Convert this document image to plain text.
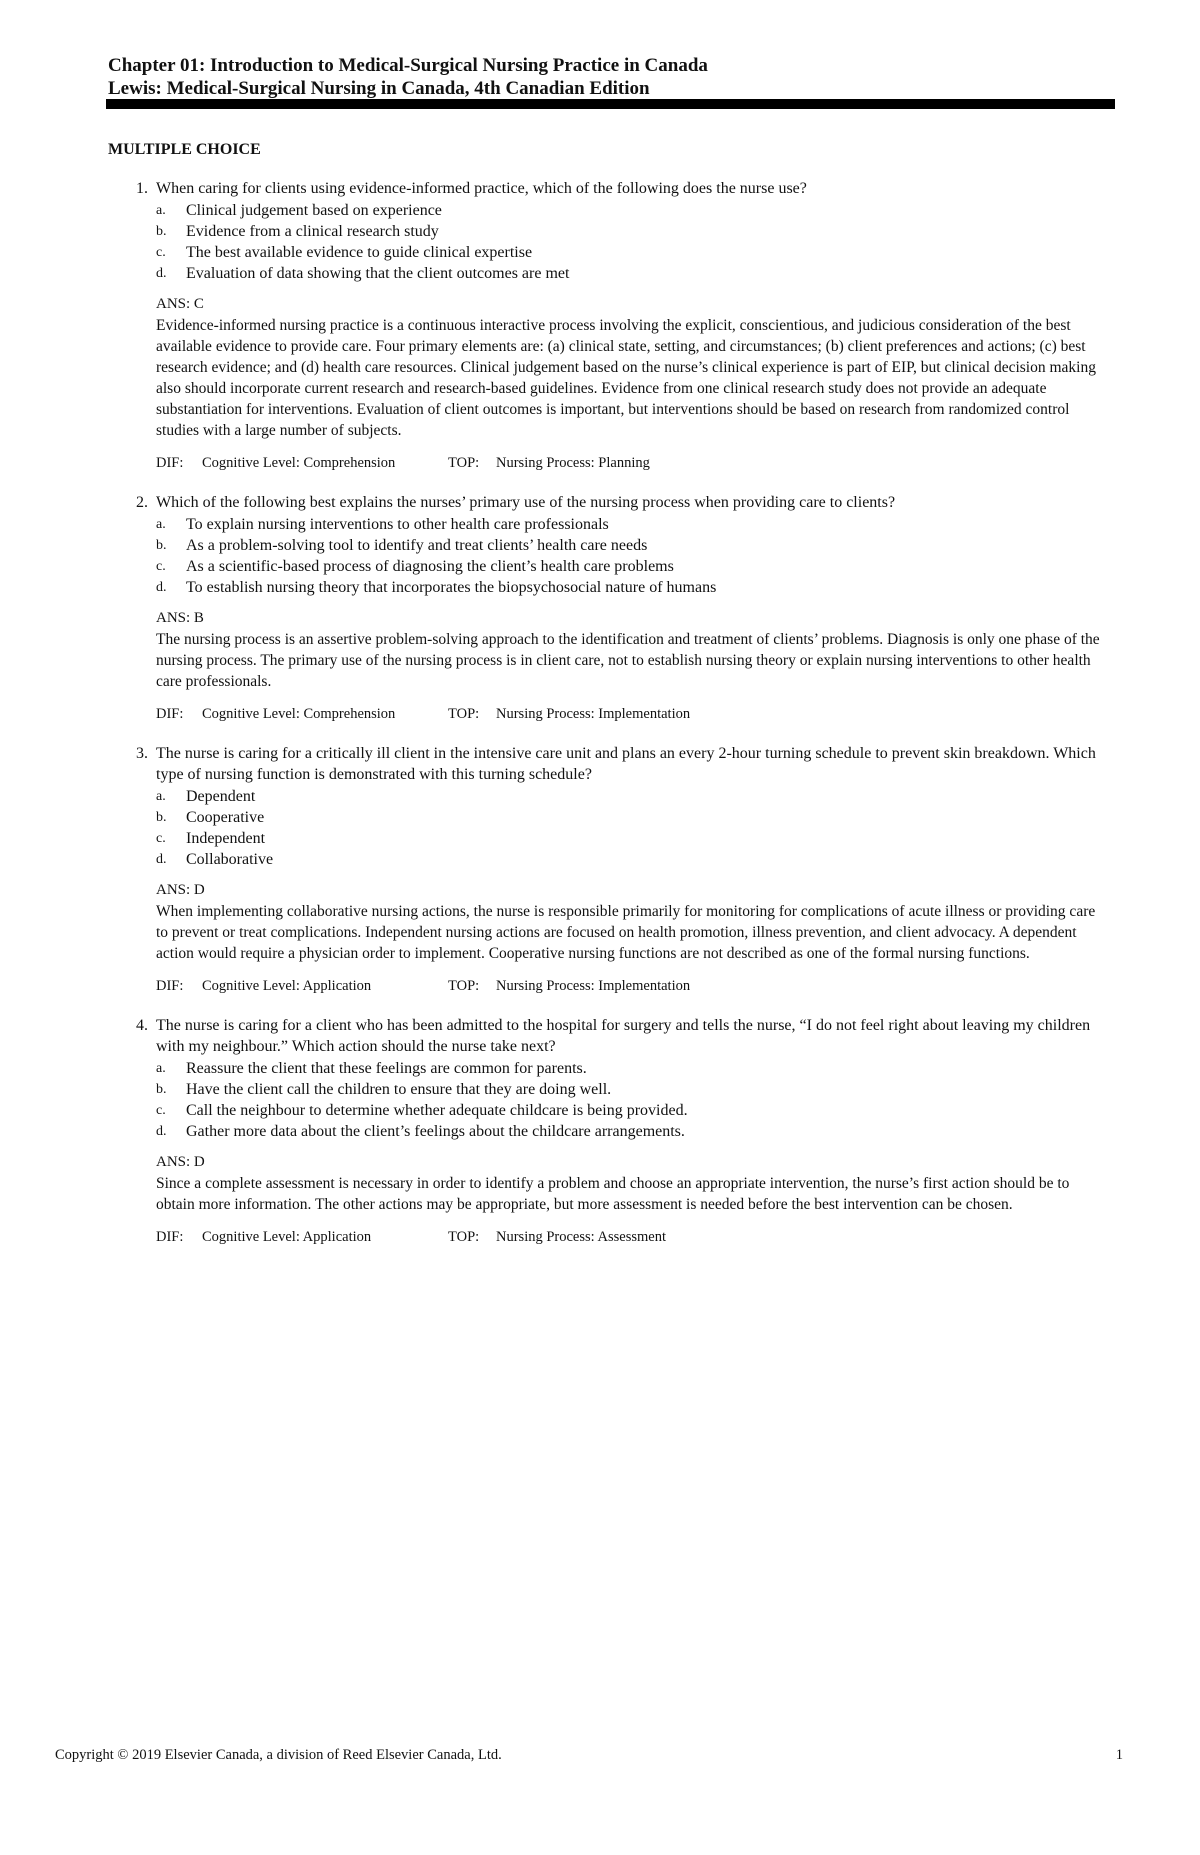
Chapter 01: Introduction to Medical-Surgical Nursing Practice in Canada

Lewis: Medical-Surgical Nursing in Canada, 4th Canadian Edition

MULTIPLE CHOICE
1. When caring for clients using evidence-informed practice, which of the following does the nurse use?
a.	Clinical judgement based on experience
b.	Evidence from a clinical research study
c.	The best available evidence to guide clinical expertise
d.	Evaluation of data showing that the client outcomes are met
ANS: C
Evidence-informed nursing practice is a continuous interactive process involving the explicit, conscientious, and judicious consideration of the best available evidence to provide care. Four primary elements are: (a) clinical state, setting, and circumstances; (b) client preferences and actions; (c) best research evidence; and (d) health care resources. Clinical judgement based on the nurse’s clinical experience is part of EIP, but clinical decision making also should incorporate current research and research-based guidelines. Evidence from one clinical research study does not provide an adequate substantiation for interventions. Evaluation of client outcomes is important, but interventions should be based on research from randomized control studies with a large number of subjects.
DIF:	Cognitive Level: Comprehension	TOP:	Nursing Process: Planning
2. Which of the following best explains the nurses’ primary use of the nursing process when providing care to clients?
a.	To explain nursing interventions to other health care professionals
b.	As a problem-solving tool to identify and treat clients’ health care needs
c.	As a scientific-based process of diagnosing the client’s health care problems
d.	To establish nursing theory that incorporates the biopsychosocial nature of humans
ANS: B
The nursing process is an assertive problem-solving approach to the identification and treatment of clients’ problems. Diagnosis is only one phase of the nursing process. The primary use of the nursing process is in client care, not to establish nursing theory or explain nursing interventions to other health care professionals.
DIF:	Cognitive Level: Comprehension	TOP:	Nursing Process: Implementation
3. The nurse is caring for a critically ill client in the intensive care unit and plans an every 2-hour turning schedule to prevent skin breakdown. Which type of nursing function is demonstrated with this turning schedule?
a.	Dependent
b.	Cooperative
c.	Independent
d.	Collaborative
ANS: D
When implementing collaborative nursing actions, the nurse is responsible primarily for monitoring for complications of acute illness or providing care to prevent or treat complications. Independent nursing actions are focused on health promotion, illness prevention, and client advocacy. A dependent action would require a physician order to implement. Cooperative nursing functions are not described as one of the formal nursing functions.
DIF:	Cognitive Level: Application	TOP:	Nursing Process: Implementation
4. The nurse is caring for a client who has been admitted to the hospital for surgery and tells the nurse, “I do not feel right about leaving my children with my neighbour.” Which action should the nurse take next?
a.	Reassure the client that these feelings are common for parents.
b.	Have the client call the children to ensure that they are doing well.
c.	Call the neighbour to determine whether adequate childcare is being provided.
d.	Gather more data about the client’s feelings about the childcare arrangements.
ANS: D
Since a complete assessment is necessary in order to identify a problem and choose an appropriate intervention, the nurse’s first action should be to obtain more information. The other actions may be appropriate, but more assessment is needed before the best intervention can be chosen.
DIF:	Cognitive Level: Application	TOP:	Nursing Process: Assessment
Copyright © 2019 Elsevier Canada, a division of Reed Elsevier Canada, Ltd.	1
